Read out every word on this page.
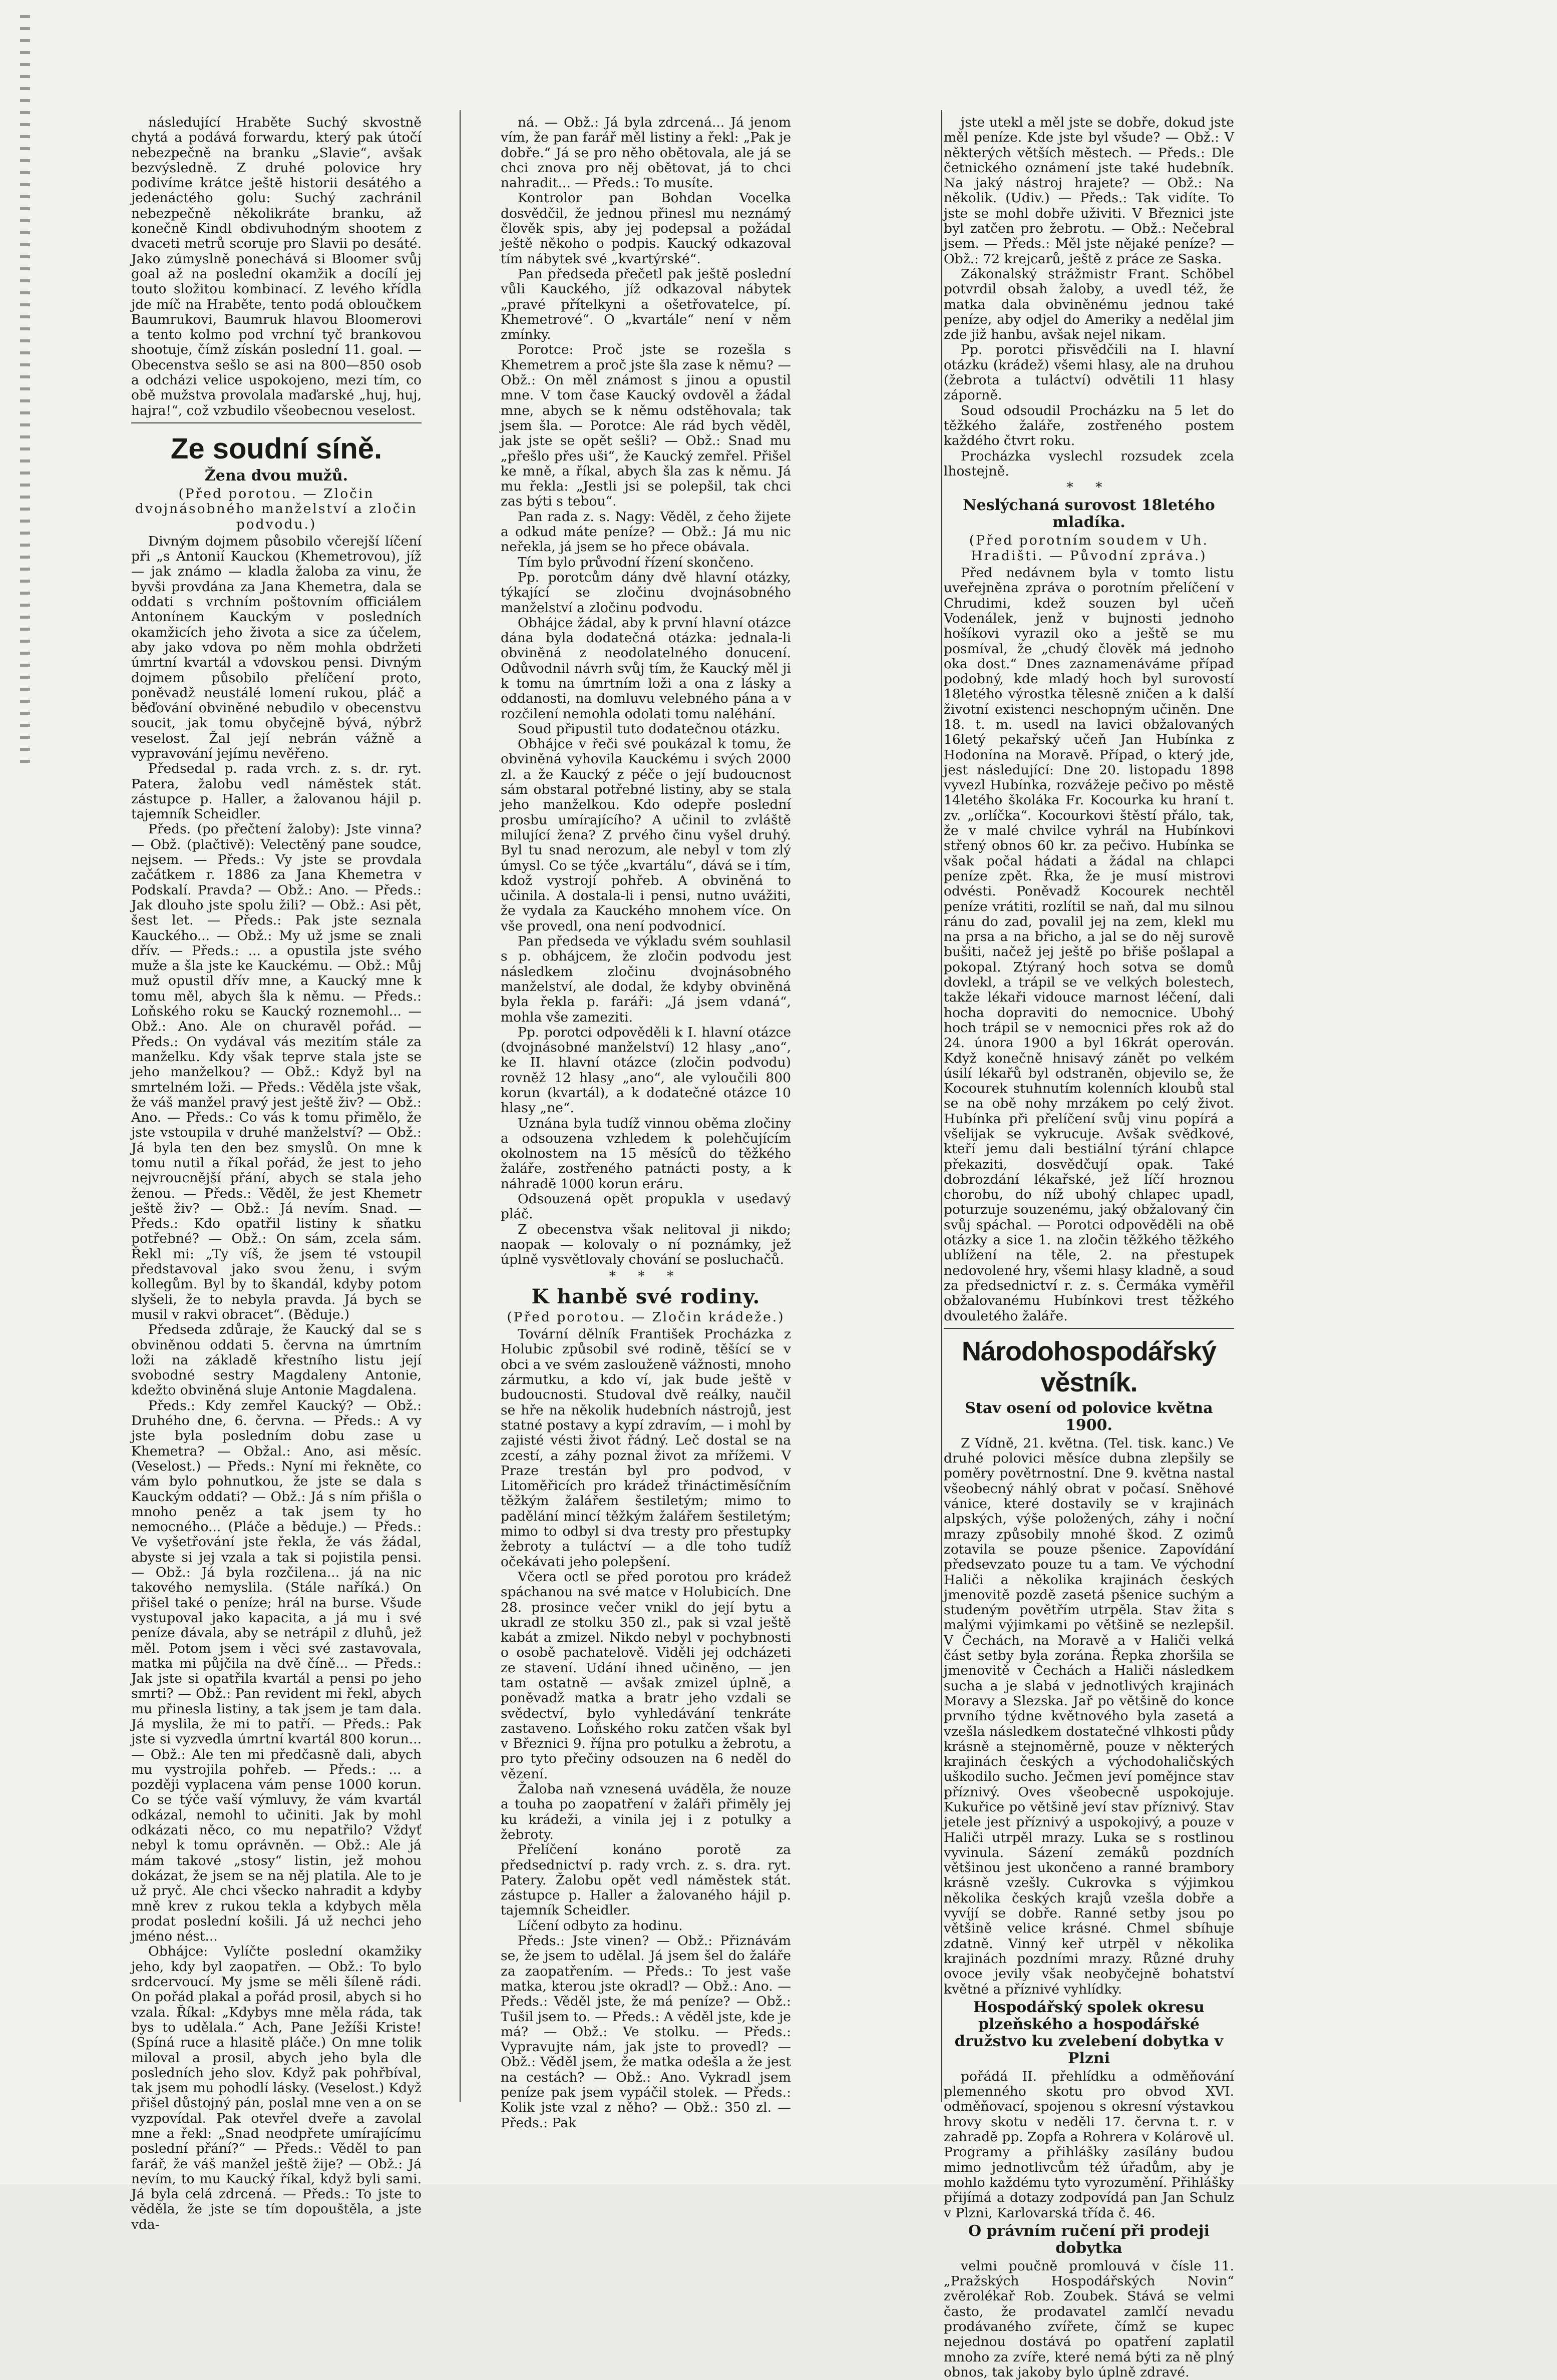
následující Hraběte Suchý skvostně chytá a podává forwardu, který pak útočí nebezpečně na branku „Slavie“, avšak bezvýsledně. Z druhé polovice hry podivíme krátce ještě historii desátého a jedenáctého golu: Suchý zachránil nebezpečně několikráte branku, až konečně Kindl obdivuhodným shootem z dvaceti metrů scoruje pro Slavii po desáté. Jako zúmyslně ponechává si Bloomer svůj goal až na poslední okamžik a docílí jej touto složitou kombinací. Z levého křídla jde míč na Hraběte, tento podá obloučkem Baumrukovi, Baumruk hlavou Bloomerovi a tento kolmo pod vrchní tyč brankovou shootuje, čímž získán poslední 11. goal. — Obecenstva sešlo se asi na 800—850 osob a odcházi velice uspokojeno, mezi tím, co obě mužstva provolala maďarské „huj, huj, hajra!“, což vzbudilo všeobecnou veselost.

Ze soudní síně.
Žena dvou mužů.
(Před porotou. — Zločin dvojnásobného manželství a zločin podvodu.)

Divným dojmem působilo včerejší líčení při „s Antonií Kauckou (Khemetrovou), jíž — jak známo — kladla žaloba za vinu, že byvši provdána za Jana Khemetra, dala se oddati s vrchním poštovním officiálem Antonínem Kauckým v posledních okamžicích jeho života a sice za účelem, aby jako vdova po něm mohla obdržeti úmrtní kvartál a vdovskou pensi. Divným dojmem působilo přelíčení proto, poněvadž neustálé lomení rukou, pláč a běďování obviněné nebudilo v obecenstvu soucit, jak tomu obyčejně bývá, nýbrž veselost. Žal její nebrán vážně a vypravování jejímu nevěřeno.

Předsedal p. rada vrch. z. s. dr. ryt. Patera, žalobu vedl náměstek stát. zástupce p. Haller, a žalovanou hájil p. tajemník Scheidler.

Předs. (po přečtení žaloby): Jste vinna? — Obž. (plačtivě): Velectěný pane soudce, nejsem. — Předs.: Vy jste se provdala začátkem r. 1886 za Jana Khemetra v Podskalí. Pravda? — Obž.: Ano. — Předs.: Jak dlouho jste spolu žili? — Obž.: Asi pět, šest let. — Předs.: Pak jste seznala Kauckého... — Obž.: My už jsme se znali dřív. — Předs.: ... a opustila jste svého muže a šla jste ke Kauckému. — Obž.: Můj muž opustil dřív mne, a Kaucký mne k tomu měl, abych šla k němu. — Předs.: Loňského roku se Kaucký roznemohl... — Obž.: Ano. Ale on churavěl pořád. — Předs.: On vydával vás mezitím stále za manželku. Kdy však teprve stala jste se jeho manželkou? — Obž.: Když byl na smrtelném loži. — Předs.: Věděla jste však, že váš manžel pravý jest ještě živ? — Obž.: Ano. — Předs.: Co vás k tomu přimělo, že jste vstoupila v druhé manželství? — Obž.: Já byla ten den bez smyslů. On mne k tomu nutil a říkal pořád, že jest to jeho nejvroucnější přání, abych se stala jeho ženou. — Předs.: Věděl, že jest Khemetr ještě živ? — Obž.: Já nevím. Snad. — Předs.: Kdo opatřil listiny k sňatku potřebné? — Obž.: On sám, zcela sám. Řekl mi: „Ty víš, že jsem té vstoupil představoval jako svou ženu, i svým kollegům. Byl by to škandál, kdyby potom slyšeli, že to nebyla pravda. Já bych se musil v rakvi obracet“. (Běduje.)

Předseda zdůraje, že Kaucký dal se s obviněnou oddati 5. června na úmrtním loži na základě křestního listu její svobodné sestry Magdaleny Antonie, kdežto obviněná sluje Antonie Magdalena.

Předs.: Kdy zemřel Kaucký? — Obž.: Druhého dne, 6. června. — Předs.: A vy jste byla posledním dobu zase u Khemetra? — Obžal.: Ano, asi měsíc. (Veselost.) — Předs.: Nyní mi řekněte, co vám bylo pohnutkou, že jste se dala s Kauckým oddati? — Obž.: Já s ním přišla o mnoho peněz a tak jsem ty ho nemocného... (Pláče a běduje.) — Předs.: Ve vyšetřování jste řekla, že vás žádal, abyste si jej vzala a tak si pojistila pensi. — Obž.: Já byla rozčilena... já na nic takového nemyslila. (Stále naříká.) On přišel také o peníze; hrál na burse. Všude vystupoval jako kapacita, a já mu i své peníze dávala, aby se netrápil z dluhů, jež měl. Potom jsem i věci své zastavovala, matka mi půjčila na dvě číně... — Předs.: Jak jste si opatřila kvartál a pensi po jeho smrti? — Obž.: Pan revident mi řekl, abych mu přinesla listiny, a tak jsem je tam dala. Já myslila, že mi to patří. — Předs.: Pak jste si vyzvedla úmrtní kvartál 800 korun... — Obž.: Ale ten mi předčasně dali, abych mu vystrojila pohřeb. — Předs.: ... a později vyplacena vám pense 1000 korun. Co se týče vaší výmluvy, že vám kvartál odkázal, nemohl to učiniti. Jak by mohl odkázati něco, co mu nepatřilo? Vždyť nebyl k tomu oprávněn. — Obž.: Ale já mám takové „stosy“ listin, jež mohou dokázat, že jsem se na něj platila. Ale to je už pryč. Ale chci všecko nahradit a kdyby mně krev z rukou tekla a kdybych měla prodat poslední košili. Já už nechci jeho jméno nést...

Obhájce: Vylíčte poslední okamžiky jeho, kdy byl zaopatřen. — Obž.: To bylo srdcervoucí. My jsme se měli šíleně rádi. On pořád plakal a pořád prosil, abych si ho vzala. Říkal: „Kdybys mne měla ráda, tak bys to udělala.“ Ach, Pane Ježíši Kriste! (Spíná ruce a hlasitě pláče.) On mne tolik miloval a prosil, abych jeho byla dle posledních jeho slov. Když pak pohřbíval, tak jsem mu pohodlí lásky. (Veselost.) Když přišel důstojný pán, poslal mne ven a on se vyzpovídal. Pak otevřel dveře a zavolal mne a řekl: „Snad neodpřete umírajícímu poslední přání?“ — Předs.: Věděl to pan farář, že váš manžel ještě žije? — Obž.: Já nevím, to mu Kaucký říkal, když byli sami. Já byla celá zdrcená. — Předs.: To jste to věděla, že jste se tím dopouštěla, a jste vda-

ná. — Obž.: Já byla zdrcená... Já jenom vím, že pan farář měl listiny a řekl: „Pak je dobře.“ Já se pro něho obětovala, ale já se chci znova pro něj obětovat, já to chci nahradit... — Předs.: To musíte.

Kontrolor pan Bohdan Vocelka dosvědčil, že jednou přinesl mu neznámý člověk spis, aby jej podepsal a požádal ještě někoho o podpis. Kaucký odkazoval tím nábytek své „kvartýrské“.

Pan předseda přečetl pak ještě poslední vůli Kauckého, jíž odkazoval nábytek „pravé přítelkyni a ošetřovatelce, pí. Khemetrové“. O „kvartále“ není v něm zmínky.

Porotce: Proč jste se rozešla s Khemetrem a proč jste šla zase k němu? — Obž.: On měl známost s jinou a opustil mne. V tom čase Kaucký ovdověl a žádal mne, abych se k němu odstěhovala; tak jsem šla. — Porotce: Ale rád bych věděl, jak jste se opět sešli? — Obž.: Snad mu „přešlo přes uši“, že Kaucký zemřel. Přišel ke mně, a říkal, abych šla zas k němu. Já mu řekla: „Jestli jsi se polepšil, tak chci zas býti s tebou“.

Pan rada z. s. Nagy: Věděl, z čeho žijete a odkud máte peníze? — Obž.: Já mu nic neřekla, já jsem se ho přece obávala.

Tím bylo průvodní řízení skončeno.

Pp. porotcům dány dvě hlavní otázky, týkající se zločinu dvojnásobného manželství a zločinu podvodu.

Obhájce žádal, aby k první hlavní otázce dána byla dodatečná otázka: jednala-li obviněná z neodolatelného donucení. Odůvodnil návrh svůj tím, že Kaucký měl ji k tomu na úmrtním loži a ona z lásky a oddanosti, na domluvu velebného pána a v rozčilení nemohla odolati tomu naléhání.

Soud připustil tuto dodatečnou otázku.

Obhájce v řeči své poukázal k tomu, že obviněná vyhovila Kauckému i svých 2000 zl. a že Kaucký z péče o její budoucnost sám obstaral potřebné listiny, aby se stala jeho manželkou. Kdo odepře poslední prosbu umírajícího? A učinil to zvláště milující žena? Z prvého činu vyšel druhý. Byl tu snad nerozum, ale nebyl v tom zlý úmysl. Co se týče „kvartálu“, dává se i tím, kdož vystrojí pohřeb. A obviněná to učinila. A dostala-li i pensi, nutno uvážiti, že vydala za Kauckého mnohem více. On vše provedl, ona není podvodnicí.

Pan předseda ve výkladu svém souhlasil s p. obhájcem, že zločin podvodu jest následkem zločinu dvojnásobného manželství, ale dodal, že kdyby obviněná byla řekla p. faráři: „Já jsem vdaná“, mohla vše zameziti.

Pp. porotci odpověděli k I. hlavní otázce (dvojnásobné manželství) 12 hlasy „ano“, ke II. hlavní otázce (zločin podvodu) rovněž 12 hlasy „ano“, ale vyloučili 800 korun (kvartál), a k dodatečné otázce 10 hlasy „ne“.

Uznána byla tudíž vinnou oběma zločiny a odsouzena vzhledem k polehčujícím okolnostem na 15 měsíců do těžkého žaláře, zostřeného patnácti posty, a k náhradě 1000 korun eráru.

Odsouzená opět propukla v usedavý pláč.

Z obecenstva však nelitoval ji nikdo; naopak — kolovaly o ní poznámky, jež úplně vysvětlovaly chování se posluchačů.

* * *
K hanbě své rodiny.
(Před porotou. — Zločin krádeže.)

Tovární dělník František Procházka z Holubic způsobil své rodině, těšící se v obci a ve svém zaslouženě vážnosti, mnoho zármutku, a kdo ví, jak bude ještě v budoucnosti. Studoval dvě reálky, naučil se hře na několik hudebních nástrojů, jest statné postavy a kypí zdravím, — i mohl by zajisté vésti život řádný. Leč dostal se na zcestí, a záhy poznal život za mřížemi. V Praze trestán byl pro podvod, v Litoměřicích pro krádež třináctiměsíčním těžkým žalářem šestiletým; mimo to padělání mincí těžkým žalářem šestiletým; mimo to odbyl si dva tresty pro přestupky žebroty a tuláctví — a dle toho tudíž očekávati jeho polepšení.

Včera octl se před porotou pro krádež spáchanou na své matce v Holubicích. Dne 28. prosince večer vnikl do její bytu a ukradl ze stolku 350 zl., pak si vzal ještě kabát a zmizel. Nikdo nebyl v pochybnosti o osobě pachatelově. Viděli jej odcházeti ze stavení. Udání ihned učiněno, — jen tam ostatně — avšak zmizel úplně, a poněvadž matka a bratr jeho vzdali se svědectví, bylo vyhledávání tenkráte zastaveno. Loňského roku zatčen však byl v Březnici 9. října pro potulku a žebrotu, a pro tyto přečiny odsouzen na 6 neděl do vězení.

Žaloba naň vznesená uváděla, že nouze a touha po zaopatření v žaláři přiměly jej ku krádeži, a vinila jej i z potulky a žebroty.

Přelíčení konáno porotě za předsednictví p. rady vrch. z. s. dra. ryt. Patery. Žalobu opět vedl náměstek stát. zástupce p. Haller a žalovaného hájil p. tajemník Scheidler.

Líčení odbyto za hodinu.

Předs.: Jste vinen? — Obž.: Přiznávám se, že jsem to udělal. Já jsem šel do žaláře za zaopatřením. — Předs.: To jest vaše matka, kterou jste okradl? — Obž.: Ano. — Předs.: Věděl jste, že má peníze? — Obž.: Tušil jsem to. — Předs.: A věděl jste, kde je má? — Obž.: Ve stolku. — Předs.: Vypravujte nám, jak jste to provedl? — Obž.: Věděl jsem, že matka odešla a že jest na cestách? — Obž.: Ano. Vykradl jsem peníze pak jsem vypáčil stolek. — Předs.: Kolik jste vzal z něho? — Obž.: 350 zl. — Předs.: Pak

jste utekl a měl jste se dobře, dokud jste měl peníze. Kde jste byl všude? — Obž.: V některých větších městech. — Předs.: Dle četnického oznámení jste také hudebník. Na jaký nástroj hrajete? — Obž.: Na několik. (Udiv.) — Předs.: Tak vidíte. To jste se mohl dobře uživiti. V Březnici jste byl zatčen pro žebrotu. — Obž.: Nečebral jsem. — Předs.: Měl jste nějaké peníze? — Obž.: 72 krejcarů, ještě z práce ze Saska.

Zákonalský strážmistr Frant. Schöbel potvrdil obsah žaloby, a uvedl též, že matka dala obviněnému jednou také peníze, aby odjel do Ameriky a nedělal jim zde již hanbu, avšak nejel nikam.

Pp. porotci přisvědčili na I. hlavní otázku (krádež) všemi hlasy, ale na druhou (žebrota a tuláctví) odvětili 11 hlasy záporně.

Soud odsoudil Procházku na 5 let do těžkého žaláře, zostřeného postem každého čtvrt roku.

Procházka vyslechl rozsudek zcela lhostejně.

* *
Neslýchaná surovost 18letého mladíka.
(Před porotním soudem v Uh. Hradišti. — Původní zpráva.)

Před nedávnem byla v tomto listu uveřejněna zpráva o porotním přelíčení v Chrudimi, kdež souzen byl učeň Vodenálek, jenž v bujnosti jednoho hošíkovi vyrazil oko a ještě se mu posmíval, že „chudý člověk má jednoho oka dost.“ Dnes zaznamenáváme případ podobný, kde mladý hoch byl surovostí 18letého výrostka tělesně zničen a k další životní existenci neschopným učiněn. Dne 18. t. m. usedl na lavici obžalovaných 16letý pekařský učeň Jan Hubínka z Hodonína na Moravě. Případ, o který jde, jest následující: Dne 20. listopadu 1898 vyvezl Hubínka, rozvážeje pečivo po městě 14letého školáka Fr. Kocourka ku hraní t. zv. „orlíčka“. Kocourkovi štěstí přálo, tak, že v malé chvilce vyhrál na Hubínkovi střený obnos 60 kr. za pečivo. Hubínka se však počal hádati a žádal na chlapci peníze zpět. Řka, že je musí mistrovi odvésti. Poněvadž Kocourek nechtěl peníze vrátiti, rozlítil se naň, dal mu silnou ránu do zad, povalil jej na zem, klekl mu na prsa a na břicho, a jal se do něj surově bušiti, načež jej ještě po břiše pošlapal a pokopal. Ztýraný hoch sotva se domů dovlekl, a trápil se ve velkých bolestech, takže lékaři vidouce marnost léčení, dali hocha dopraviti do nemocnice. Ubohý hoch trápil se v nemocnici přes rok až do 24. února 1900 a byl 16krát operován. Když konečně hnisavý zánět po velkém úsilí lékařů byl odstraněn, objevilo se, že Kocourek stuhnutím kolenních kloubů stal se na obě nohy mrzákem po celý život. Hubínka při přelíčení svůj vinu popírá a všelijak se vykrucuje. Avšak svědkové, kteří jemu dali bestiální týrání chlapce překaziti, dosvědčují opak. Také dobrozdání lékařské, jež líčí hroznou chorobu, do níž ubohý chlapec upadl, poturzuje souzenému, jaký obžalovaný čin svůj spáchal. — Porotci odpověděli na obě otázky a sice 1. na zločin těžkého těžkého ublížení na těle, 2. na přestupek nedovolené hry, všemi hlasy kladně, a soud za předsednictví r. z. s. Čermáka vyměřil obžalovanému Hubínkovi trest těžkého dvouletého žaláře.

Národohospodářský věstník.
Stav osení od polovice května 1900.

Z Vídně, 21. května. (Tel. tisk. kanc.) Ve druhé polovici měsíce dubna zlepšily se poměry povětrnostní. Dne 9. května nastal všeobecný náhlý obrat v počasí. Sněhové vánice, které dostavily se v krajinách alpských, výše položených, záhy i noční mrazy způsobily mnohé škod. Z ozimů zotavila se pouze pšenice. Zapovídání předsevzato pouze tu a tam. Ve východní Haliči a několika krajinách českých jmenovitě pozdě zasetá pšenice suchým a studeným povětřím utrpěla. Stav žita s malými výjimkami po většině se nezlepšil. V Čechách, na Moravě a v Haliči velká část setby byla zorána. Řepka zhoršila se jmenovitě v Čechách a Haliči následkem sucha a je slabá v jednotlivých krajinách Moravy a Slezska. Jař po většině do konce prvního týdne květnového byla zasetá a vzešla následkem dostatečné vlhkosti půdy krásně a stejnoměrně, pouze v některých krajinách českých a východohaličských uškodilo sucho. Ječmen jeví pomějnce stav příznivý. Oves všeobecně uspokojuje. Kukuřice po většině jeví stav příznivý. Stav jetele jest příznivý a uspokojivý, a pouze v Haliči utrpěl mrazy. Luka se s rostlinou vyvinula. Sázení zemáků pozdních většinou jest ukončeno a ranné brambory krásně vzešly. Cukrovka s výjimkou několika českých krajů vzešla dobře a vyvíjí se dobře. Ranné setby jsou po většině velice krásné. Chmel sbíhuje zdatně. Vinný keř utrpěl v několika krajinách pozdními mrazy. Různé druhy ovoce jevily však neobyčejně bohatství květné a příznivé vyhlídky.

Hospodářský spolek okresu plzeňského a hospodářské družstvo ku zvelebení dobytka v Plzni

pořádá II. přehlídku a odměňování plemenného skotu pro obvod XVI. odměňovací, spojenou s okresní výstavkou hrovy skotu v neděli 17. června t. r. v zahradě pp. Zopfa a Rohrera v Kolárově ul. Programy a přihlášky zasílány budou mimo jednotlivcům též úřadům, aby je mohlo každému tyto vyrozumění. Přihlášky přijímá a dotazy zodpovídá pan Jan Schulz v Plzni, Karlovarská třída č. 46.

O právním ručení při prodeji dobytka

velmi poučně promlouvá v čísle 11. „Pražských Hospodářských Novin“ zvěrolékař Rob. Zoubek. Stává se velmi často, že prodavatel zamlčí nevadu prodávaného zvířete, čímž se kupec nejednou dostává po opatření zaplatil mnoho za zvíře, které nemá býti za ně plný obnos, tak jakoby bylo úplně zdravé.
